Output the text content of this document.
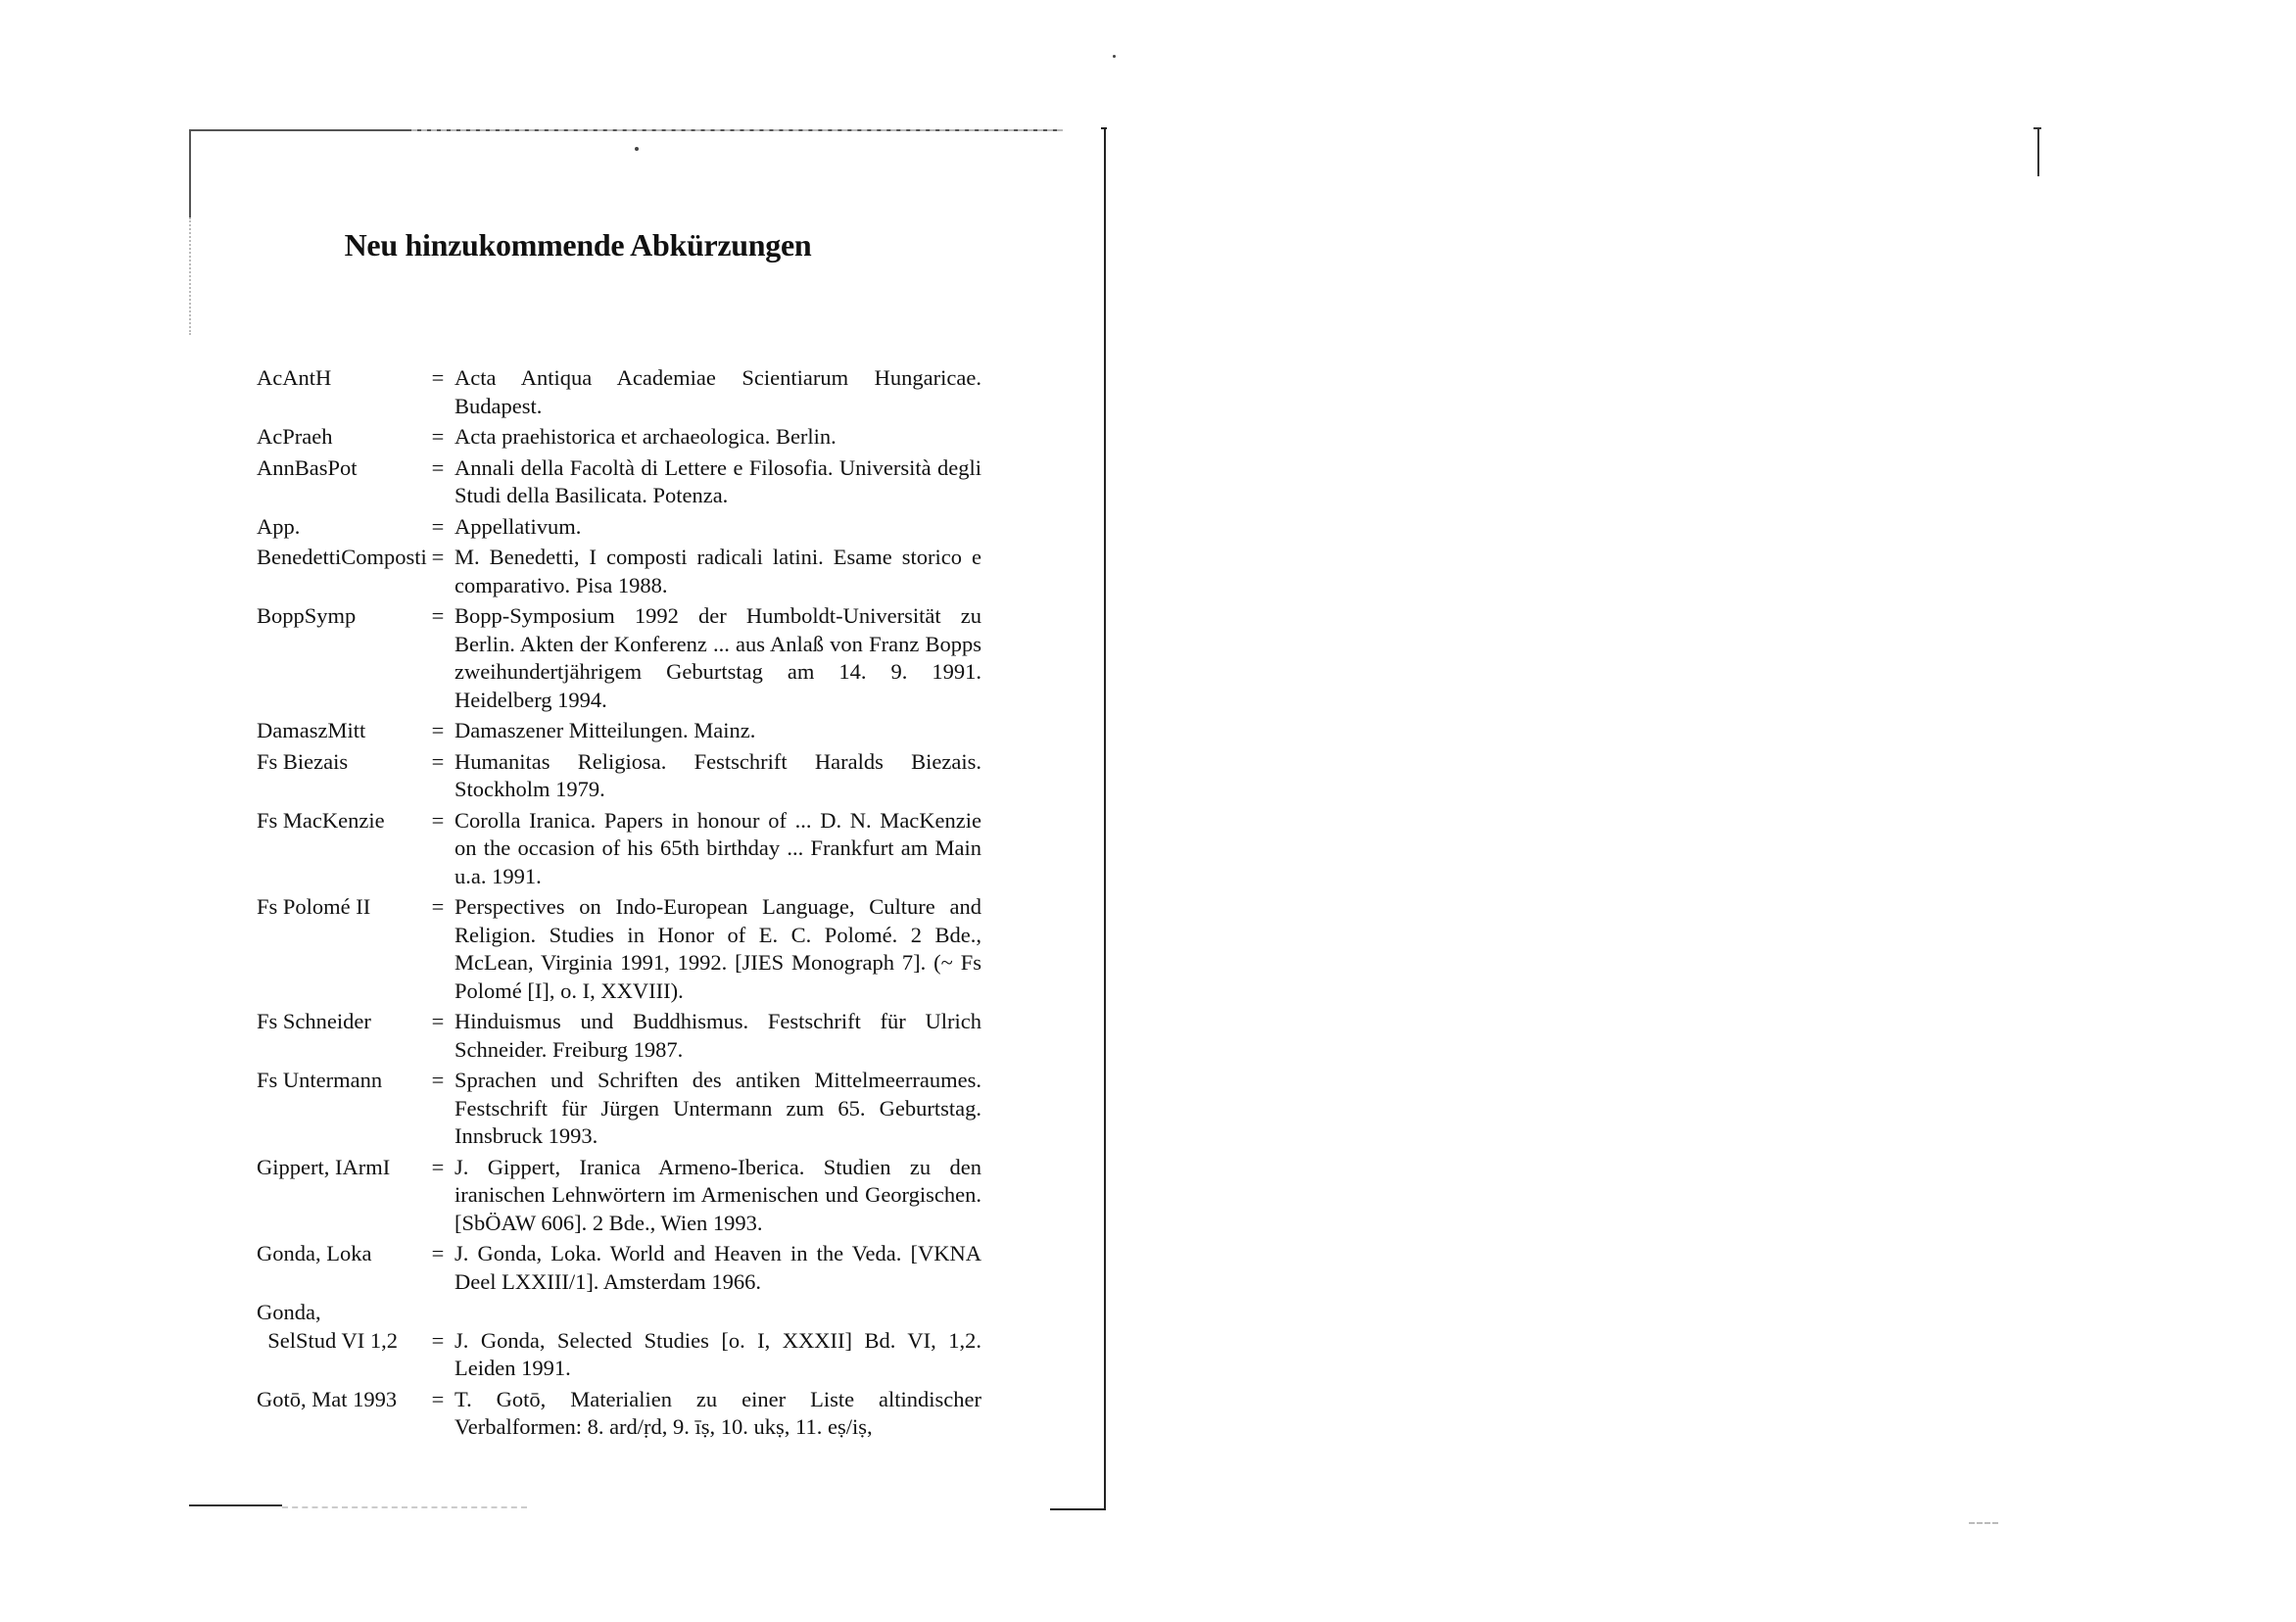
Neu hinzukommende Abkürzungen
AcAntH	= Acta Antiqua Academiae Scientiarum Hungaricae. Budapest.
AcPraeh	= Acta praehistorica et archaeologica. Berlin.
AnnBasPot	= Annali della Facoltà di Lettere e Filosofia. Università degli Studi della Basilicata. Potenza.
App.	= Appellativum.
BenedettiComposti = M. Benedetti, I composti radicali latini. Esame storico e comparativo. Pisa 1988.
BoppSymp	= Bopp-Symposium 1992 der Humboldt-Universität zu Berlin. Akten der Konferenz ... aus Anlaß von Franz Bopps zweihundertjährigem Geburtstag am 14. 9. 1991. Heidelberg 1994.
DamaszMitt	= Damaszener Mitteilungen. Mainz.
Fs Biezais	= Humanitas Religiosa. Festschrift Haralds Biezais. Stockholm 1979.
Fs MacKenzie	= Corolla Iranica. Papers in honour of ... D. N. MacKenzie on the occasion of his 65th birthday ... Frankfurt am Main u.a. 1991.
Fs Polomé II	= Perspectives on Indo-European Language, Culture and Religion. Studies in Honor of E. C. Polomé. 2 Bde., McLean, Virginia 1991, 1992. [JIES Monograph 7]. (~ Fs Polomé [I], o. I, XXVIII).
Fs Schneider	= Hinduismus und Buddhismus. Festschrift für Ulrich Schneider. Freiburg 1987.
Fs Untermann	= Sprachen und Schriften des antiken Mittelmeerraumes. Festschrift für Jürgen Untermann zum 65. Geburtstag. Innsbruck 1993.
Gippert, IArmI	= J. Gippert, Iranica Armeno-Iberica. Studien zu den iranischen Lehnwörtern im Armenischen und Georgischen. [SbÖAW 606]. 2 Bde., Wien 1993.
Gonda, Loka	= J. Gonda, Loka. World and Heaven in the Veda. [VKNA Deel LXXIII/1]. Amsterdam 1966.
Gonda,
SelStud VI 1,2	= J. Gonda, Selected Studies [o. I, XXXII] Bd. VI, 1,2. Leiden 1991.
Gotō, Mat 1993	= T. Gotō, Materialien zu einer Liste altindischer Verbalformen: 8. ard/ṛd, 9. īṣ, 10. ukṣ, 11. eṣ/iṣ,
